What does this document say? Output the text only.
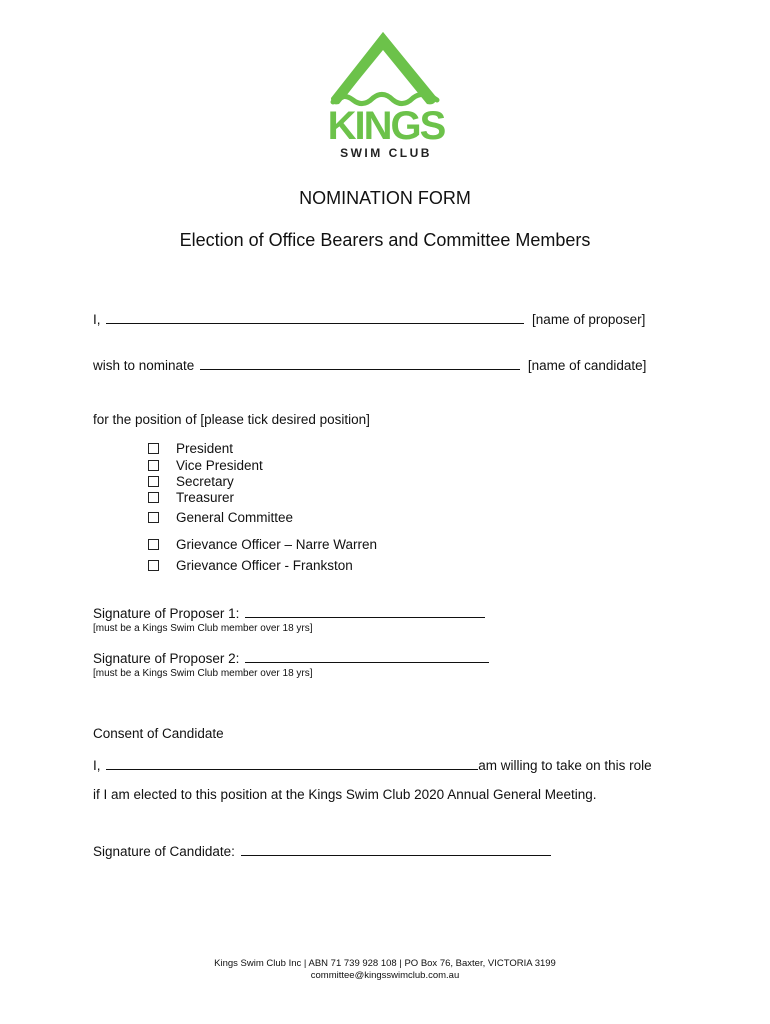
KINGS
SWIM CLUB
NOMINATION FORM
Election of Office Bearers and Committee Members
I,	[name of proposer]
wish to nominate	[name of candidate]
for the position of [please tick desired position]
President
Vice President
Secretary
Treasurer
General Committee
Grievance Officer – Narre Warren
Grievance Officer - Frankston
Signature of Proposer 1:
[must be a Kings Swim Club member over 18 yrs]
Signature of Proposer 2:
[must be a Kings Swim Club member over 18 yrs]
Consent of Candidate
I,	am willing to take on this role
if I am elected to this position at the Kings Swim Club 2020 Annual General Meeting.
Signature of Candidate:
Kings Swim Club Inc | ABN 71 739 928 108 | PO Box 76, Baxter, VICTORIA 3199
committee@kingsswimclub.com.au
